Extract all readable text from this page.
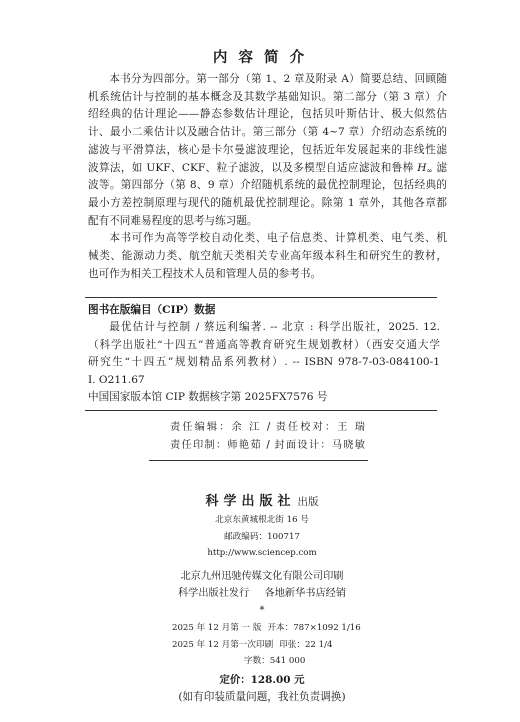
内 容 简 介
本书分为四部分。第一部分（第 1、2 章及附录 A）简要总结、回顾随
机系统估计与控制的基本概念及其数学基础知识。第二部分（第 3 章）介
绍经典的估计理论——静态参数估计理论，包括贝叶斯估计、极大似然估
计、最小二乘估计以及融合估计。第三部分（第 4~7 章）介绍动态系统的
滤波与平滑算法，核心是卡尔曼滤波理论，包括近年发展起来的非线性滤
波算法，如 UKF、CKF、粒子滤波，以及多模型自适应滤波和鲁棒 $H_\infty$ 滤
波等。第四部分（第 8、9 章）介绍随机系统的最优控制理论，包括经典的
最小方差控制原理与现代的随机最优控制理论。除第 1 章外，其他各章都
配有不同难易程度的思考与练习题。
本书可作为高等学校自动化类、电子信息类、计算机类、电气类、机
械类、能源动力类、航空航天类相关专业高年级本科生和研究生的教材，
也可作为相关工程技术人员和管理人员的参考书。
图书在版编目（CIP）数据
最优估计与控制 / 蔡远利编著. -- 北京 : 科学出版社，2025. 12.
（科学出版社“十四五”普通高等教育研究生规划教材）（西安交通大学
研究生“十四五”规划精品系列教材）. -- ISBN 978-7-03-084100-1
I. O211.67
中国国家版本馆 CIP 数据核字第 2025FX7576 号
责任编辑：余 江 / 责任校对：王 瑞
责任印制：师艳茹 / 封面设计：马晓敏
科学出版社 出版
北京东黄城根北街 16 号
邮政编码：100717
http://www.sciencep.com
北京九州迅驰传媒文化有限公司印刷
科学出版社发行 各地新华书店经销
*
2025 年 12 月第 一 版 开本：787×1092 1/16
2025 年 12 月第一次印刷 印张：22 1/4
字数：541 000
定价：128.00 元
(如有印装质量问题，我社负责调换)
